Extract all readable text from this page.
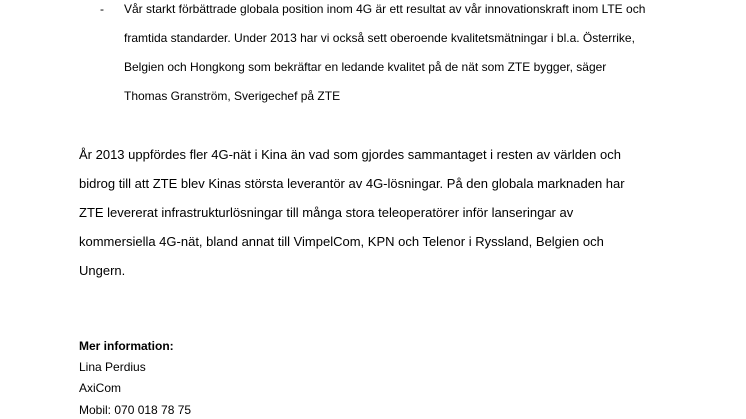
- Vår starkt förbättrade globala position inom 4G är ett resultat av vår innovationskraft inom LTE och
framtida standarder. Under 2013 har vi också sett oberoende kvalitetsmätningar i bl.a. Österrike,
Belgien och Hongkong som bekräftar en ledande kvalitet på de nät som ZTE bygger, säger
Thomas Granström, Sverigechef på ZTE
År 2013 uppfördes fler 4G-nät i Kina än vad som gjordes sammantaget i resten av världen och
bidrog till att ZTE blev Kinas största leverantör av 4G-lösningar. På den globala marknaden har
ZTE levererat infrastrukturlösningar till många stora teleoperatörer inför lanseringar av
kommersiella 4G-nät, bland annat till VimpelCom, KPN och Telenor i Ryssland, Belgien och
Ungern.
Mer information:
Lina Perdius
AxiCom
Mobil: 070 018 78 75
